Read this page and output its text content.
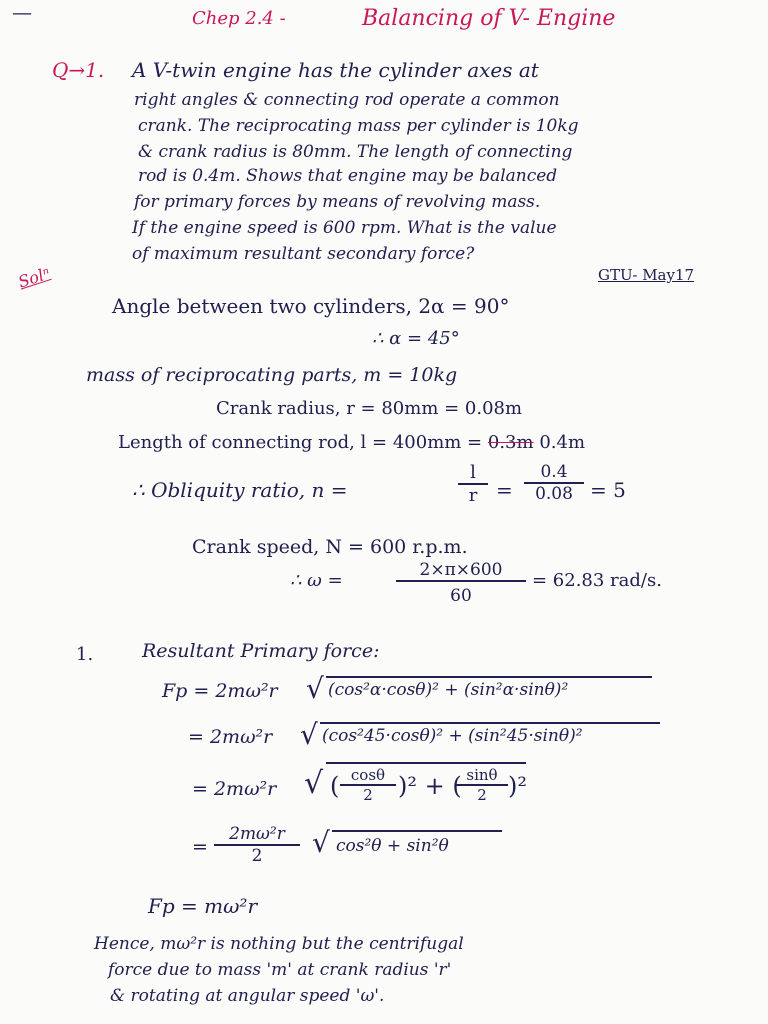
—	Chep 2.4 -	Balancing of V- Engine
Q→1. A V-twin engine has the cylinder axes at
right angles & connecting rod operate a common
crank. The reciprocating mass per cylinder is 10kg
& crank radius is 80mm. The length of connecting
rod is 0.4m. Shows that engine may be balanced
for primary forces by means of revolving mass.
If the engine speed is 600 rpm. What is the value
of maximum resultant secondary force?
GTU- May17
Solⁿ
Angle between two cylinders, 2α = 90°
∴ α = 45°
mass of reciprocating parts, m = 10kg
Crank radius, r = 80mm = 0.08m
Length of connecting rod, l = 400mm = 0.3m 0.4m
∴ Obliquity ratio, n =	$\frac{l}{r} = \frac{0.4}{0.08} = 5$
Crank speed, N = 600 r.p.m.
∴ ω =	$\frac{2\times\pi\times 600}{60} = 62.83$ rad/s.
1.	Resultant Primary force:
Fp = 2mω²r √ (cos²α·cosθ)² + (sin²α·sinθ)²
= 2mω²r √ (cos²45·cosθ)² + (sin²45·sinθ)²
= 2mω²r √ ( $\frac{\cos\theta}{2} )^2$ + (
$\frac{\sin\theta}{2} )^2$
= $\frac{\text{2mω²r}}{2}$ √ cos²θ + sin²θ
Fp = mω²r
Hence, mω²r is nothing but the centrifugal
force due to mass 'm' at crank radius 'r'
& rotating at angular speed 'ω'.
